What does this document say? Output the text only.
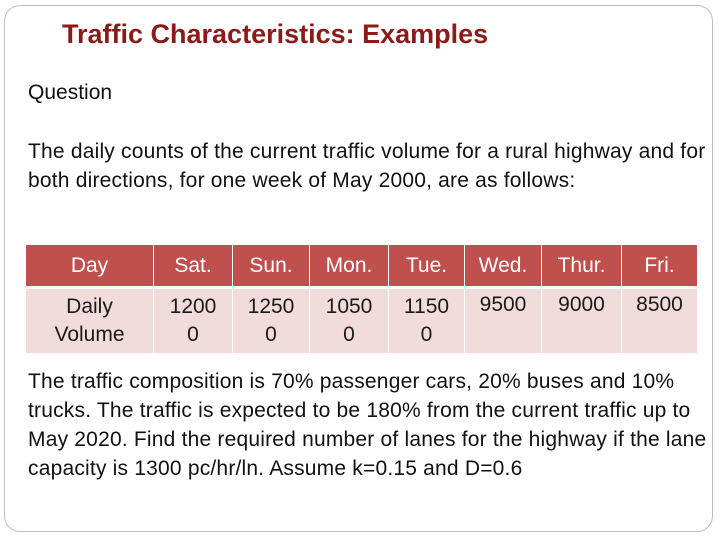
Traffic Characteristics: Examples
Question
The daily counts of the current traffic volume for a rural highway and for both directions, for one week of May 2000, are as follows:
Day	Sat.	Sun.	Mon.	Tue.	Wed.	Thur.	Fri.
Daily Volume	12000	12500	10500	11500	9500	9000	8500
The traffic composition is 70% passenger cars, 20% buses and 10% trucks. The traffic is expected to be 180% from the current traffic up to May 2020. Find the required number of lanes for the highway if the lane capacity is 1300 pc/hr/ln. Assume k=0.15 and D=0.6
